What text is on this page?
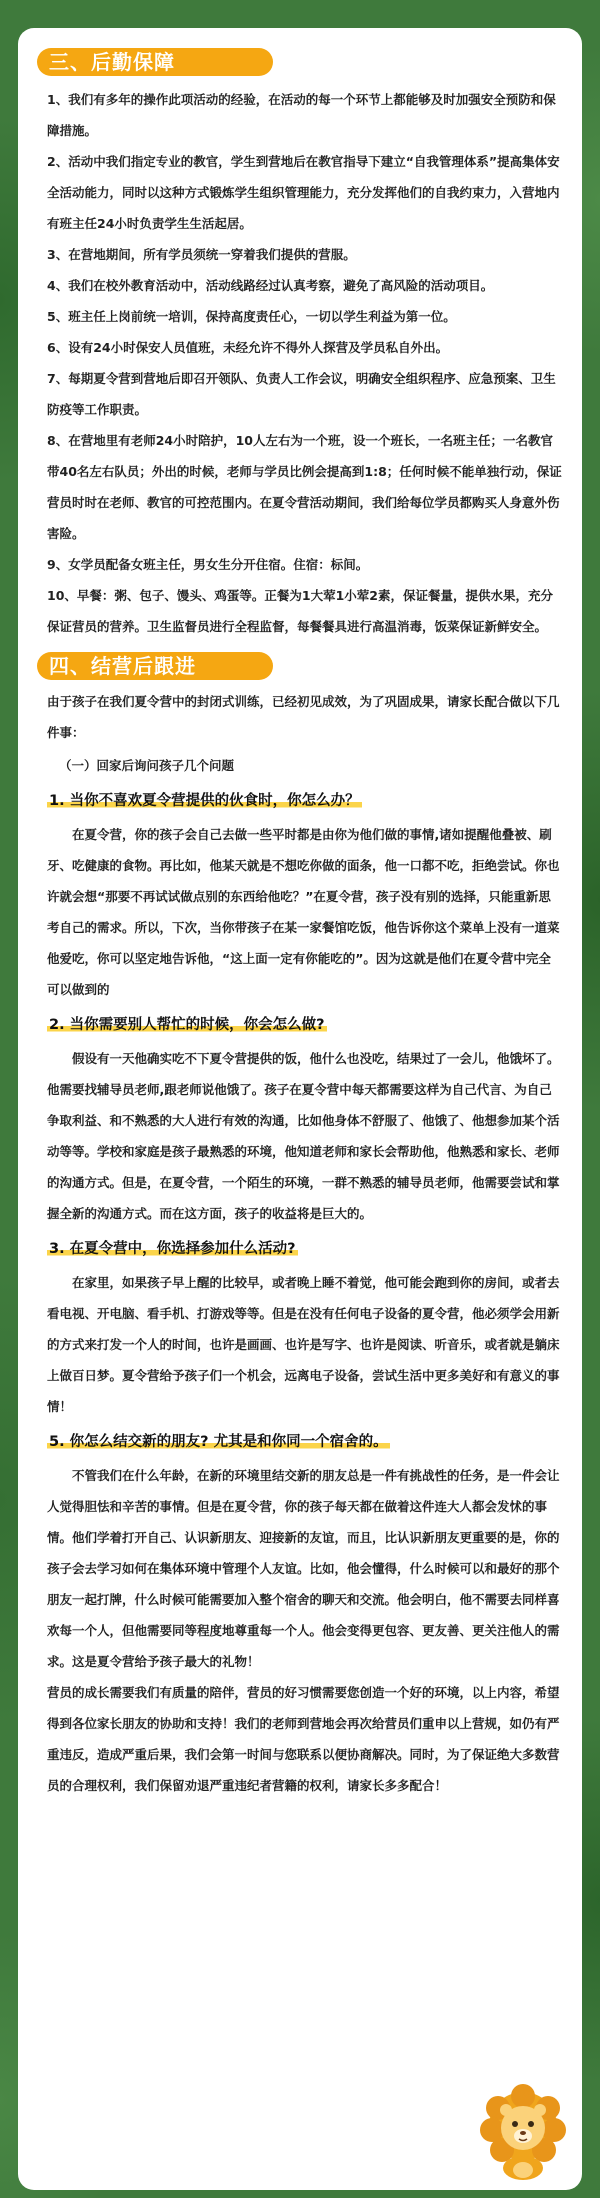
三、后勤保障

1、我们有多年的操作此项活动的经验，在活动的每一个环节上都能够及时加强安全预防和保障措施。

2、活动中我们指定专业的教官，学生到营地后在教官指导下建立“自我管理体系”提高集体安全活动能力，同时以这种方式锻炼学生组织管理能力，充分发挥他们的自我约束力，入营地内有班主任24小时负责学生生活起居。

3、在营地期间，所有学员须统一穿着我们提供的营服。

4、我们在校外教育活动中，活动线路经过认真考察，避免了高风险的活动项目。

5、班主任上岗前统一培训，保持高度责任心，一切以学生利益为第一位。

6、设有24小时保安人员值班，未经允许不得外人探营及学员私自外出。

7、每期夏令营到营地后即召开领队、负责人工作会议，明确安全组织程序、应急预案、卫生防疫等工作职责。

8、在营地里有老师24小时陪护，10人左右为一个班，设一个班长，一名班主任；一名教官带40名左右队员；外出的时候，老师与学员比例会提高到1:8；任何时候不能单独行动，保证营员时时在老师、教官的可控范围内。在夏令营活动期间，我们给每位学员都购买人身意外伤害险。

9、女学员配备女班主任，男女生分开住宿。住宿：标间。

10、早餐：粥、包子、馒头、鸡蛋等。正餐为1大荤1小荤2素，保证餐量，提供水果，充分保证营员的营养。卫生监督员进行全程监督，每餐餐具进行高温消毒，饭菜保证新鲜安全。

四、结营后跟进

由于孩子在我们夏令营中的封闭式训练，已经初见成效，为了巩固成果，请家长配合做以下几件事：

（一）回家后询问孩子几个问题

1. 当你不喜欢夏令营提供的伙食时，你怎么办？

在夏令营，你的孩子会自己去做一些平时都是由你为他们做的事情,诸如提醒他叠被、刷牙、吃健康的食物。再比如，他某天就是不想吃你做的面条，他一口都不吃，拒绝尝试。你也许就会想“那要不再试试做点别的东西给他吃？”在夏令营，孩子没有别的选择，只能重新思考自己的需求。所以，下次，当你带孩子在某一家餐馆吃饭，他告诉你这个菜单上没有一道菜他爱吃，你可以坚定地告诉他，“这上面一定有你能吃的”。因为这就是他们在夏令营中完全可以做到的

2. 当你需要别人帮忙的时候，你会怎么做?

假设有一天他确实吃不下夏令营提供的饭，他什么也没吃，结果过了一会儿，他饿坏了。他需要找辅导员老师,跟老师说他饿了。孩子在夏令营中每天都需要这样为自己代言、为自己争取利益、和不熟悉的大人进行有效的沟通，比如他身体不舒服了、他饿了、他想参加某个活动等等。学校和家庭是孩子最熟悉的环境，他知道老师和家长会帮助他，他熟悉和家长、老师的沟通方式。但是，在夏令营，一个陌生的环境，一群不熟悉的辅导员老师，他需要尝试和掌握全新的沟通方式。而在这方面，孩子的收益将是巨大的。

3. 在夏令营中，你选择参加什么活动?

在家里，如果孩子早上醒的比较早，或者晚上睡不着觉，他可能会跑到你的房间，或者去看电视、开电脑、看手机、打游戏等等。但是在没有任何电子设备的夏令营，他必须学会用新的方式来打发一个人的时间，也许是画画、也许是写字、也许是阅读、听音乐，或者就是躺床上做百日梦。夏令营给予孩子们一个机会，远离电子设备，尝试生活中更多美好和有意义的事情！

5. 你怎么结交新的朋友? 尤其是和你同一个宿舍的。

不管我们在什么年龄，在新的环境里结交新的朋友总是一件有挑战性的任务，是一件会让人觉得胆怯和辛苦的事情。但是在夏令营，你的孩子每天都在做着这件连大人都会发怵的事情。他们学着打开自己、认识新朋友、迎接新的友谊，而且，比认识新朋友更重要的是，你的孩子会去学习如何在集体环境中管理个人友谊。比如，他会懂得，什么时候可以和最好的那个朋友一起打牌，什么时候可能需要加入整个宿舍的聊天和交流。他会明白，他不需要去同样喜欢每一个人，但他需要同等程度地尊重每一个人。他会变得更包容、更友善、更关注他人的需求。这是夏令营给予孩子最大的礼物！

营员的成长需要我们有质量的陪伴，营员的好习惯需要您创造一个好的环境，以上内容，希望得到各位家长朋友的协助和支持！我们的老师到营地会再次给营员们重申以上营规，如仍有严重违反，造成严重后果，我们会第一时间与您联系以便协商解决。同时，为了保证绝大多数营员的合理权利，我们保留劝退严重违纪者营籍的权利，请家长多多配合！
